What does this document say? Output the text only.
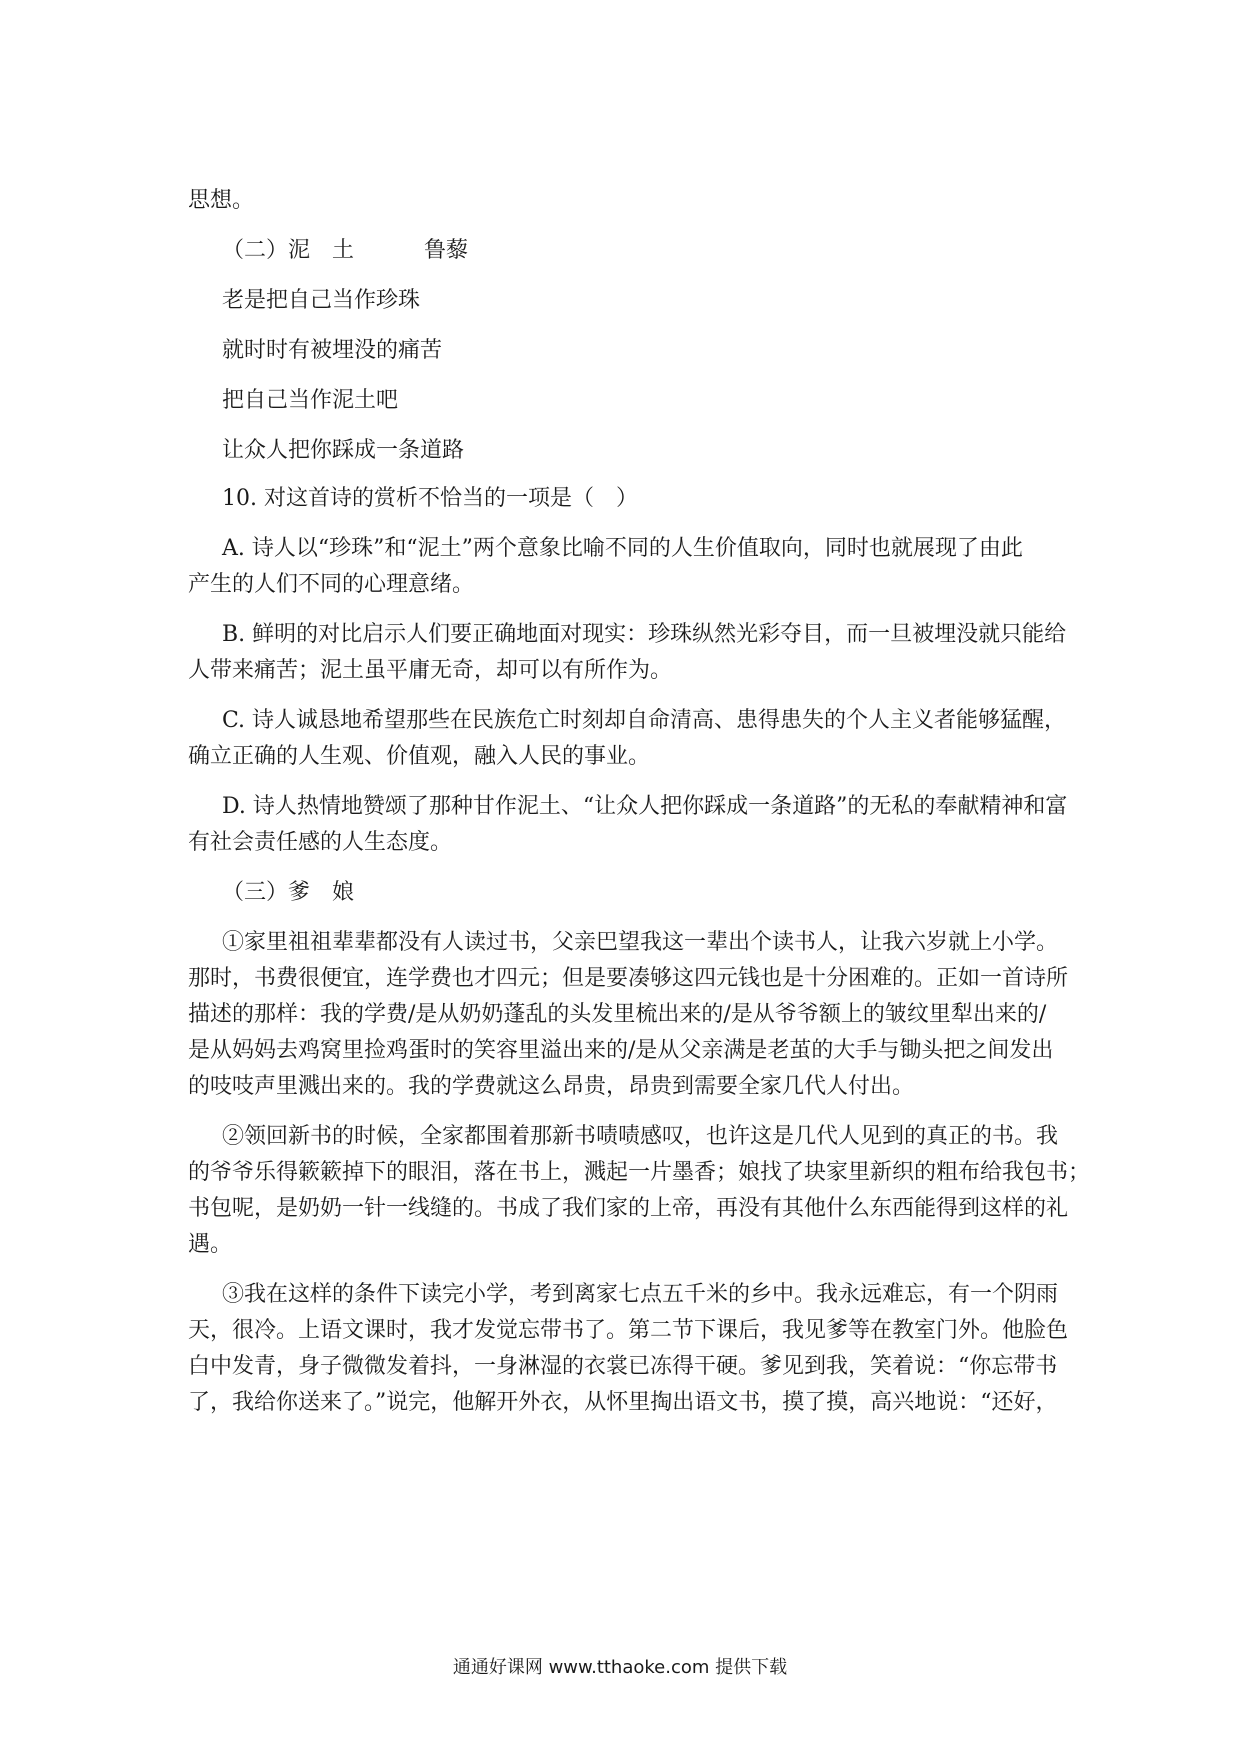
思想。
（二）泥　土	鲁藜
老是把自己当作珍珠
就时时有被埋没的痛苦
把自己当作泥土吧
让众人把你踩成一条道路
10. 对这首诗的赏析不恰当的一项是（　）
A. 诗人以“珍珠”和“泥土”两个意象比喻不同的人生价值取向，同时也就展现了由此
产生的人们不同的心理意绪。
B. 鲜明的对比启示人们要正确地面对现实：珍珠纵然光彩夺目，而一旦被埋没就只能给
人带来痛苦；泥土虽平庸无奇，却可以有所作为。
C. 诗人诚恳地希望那些在民族危亡时刻却自命清高、患得患失的个人主义者能够猛醒，
确立正确的人生观、价值观，融入人民的事业。
D. 诗人热情地赞颂了那种甘作泥土、“让众人把你踩成一条道路”的无私的奉献精神和富
有社会责任感的人生态度。
（三）爹　娘
①家里祖祖辈辈都没有人读过书，父亲巴望我这一辈出个读书人，让我六岁就上小学。
那时，书费很便宜，连学费也才四元；但是要凑够这四元钱也是十分困难的。正如一首诗所
描述的那样：我的学费/是从奶奶蓬乱的头发里梳出来的/是从爷爷额上的皱纹里犁出来的/
是从妈妈去鸡窝里捡鸡蛋时的笑容里溢出来的/是从父亲满是老茧的大手与锄头把之间发出
的吱吱声里溅出来的。我的学费就这么昂贵，昂贵到需要全家几代人付出。
②领回新书的时候，全家都围着那新书啧啧感叹，也许这是几代人见到的真正的书。我
的爷爷乐得簌簌掉下的眼泪，落在书上，溅起一片墨香；娘找了块家里新织的粗布给我包书；
书包呢，是奶奶一针一线缝的。书成了我们家的上帝，再没有其他什么东西能得到这样的礼
遇。
③我在这样的条件下读完小学，考到离家七点五千米的乡中。我永远难忘，有一个阴雨
天，很冷。上语文课时，我才发觉忘带书了。第二节下课后，我见爹等在教室门外。他脸色
白中发青，身子微微发着抖，一身淋湿的衣裳已冻得干硬。爹见到我，笑着说：“你忘带书
了，我给你送来了。”说完，他解开外衣，从怀里掏出语文书，摸了摸，高兴地说：“还好，
通通好课网 www.tthaoke.com 提供下载
